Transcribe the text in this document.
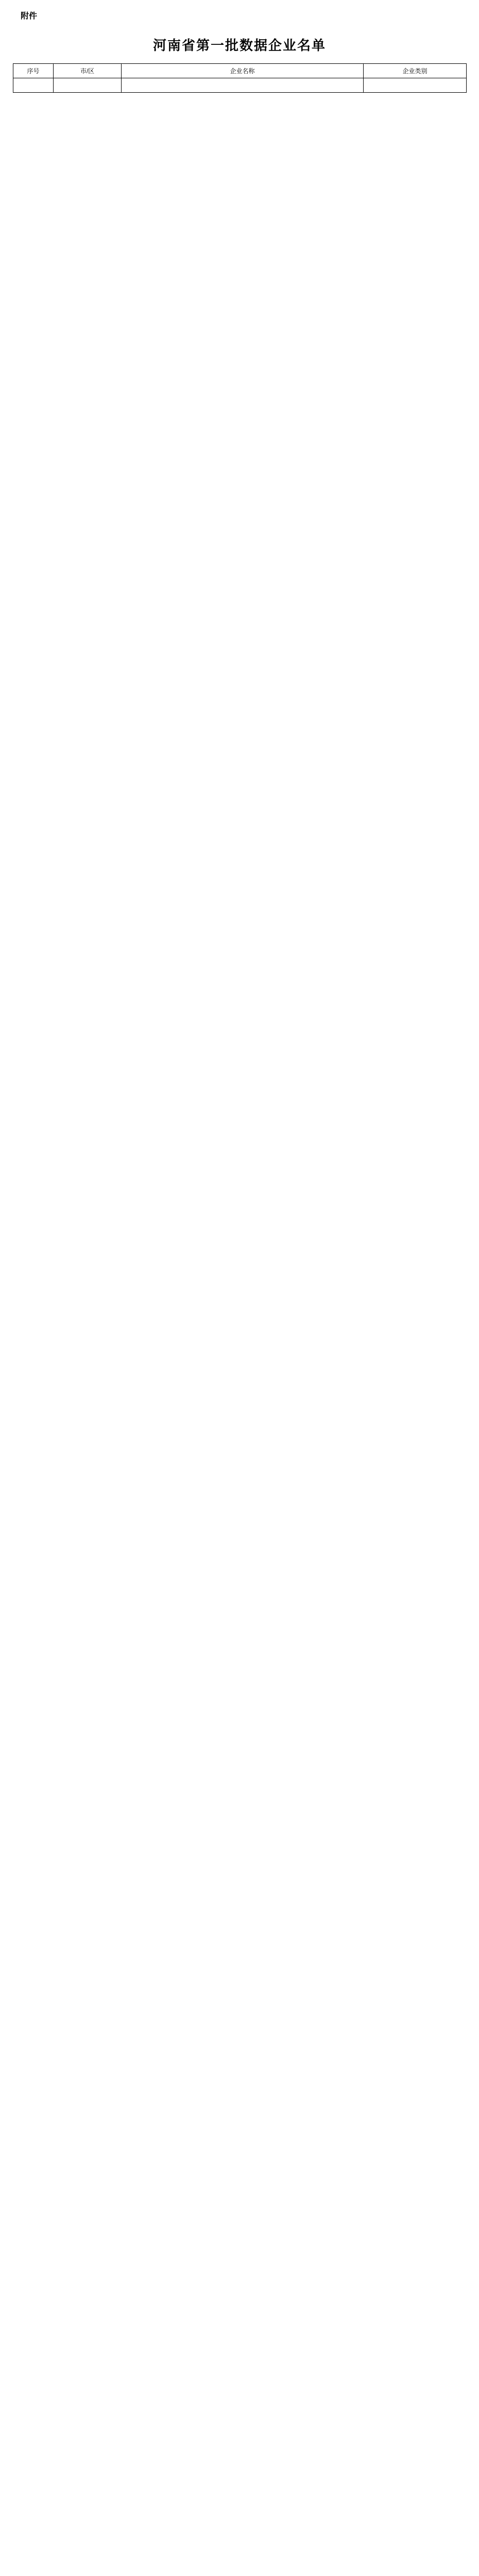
附件
河南省第一批数据企业名单
序号	市/区	企业名称	企业类别
